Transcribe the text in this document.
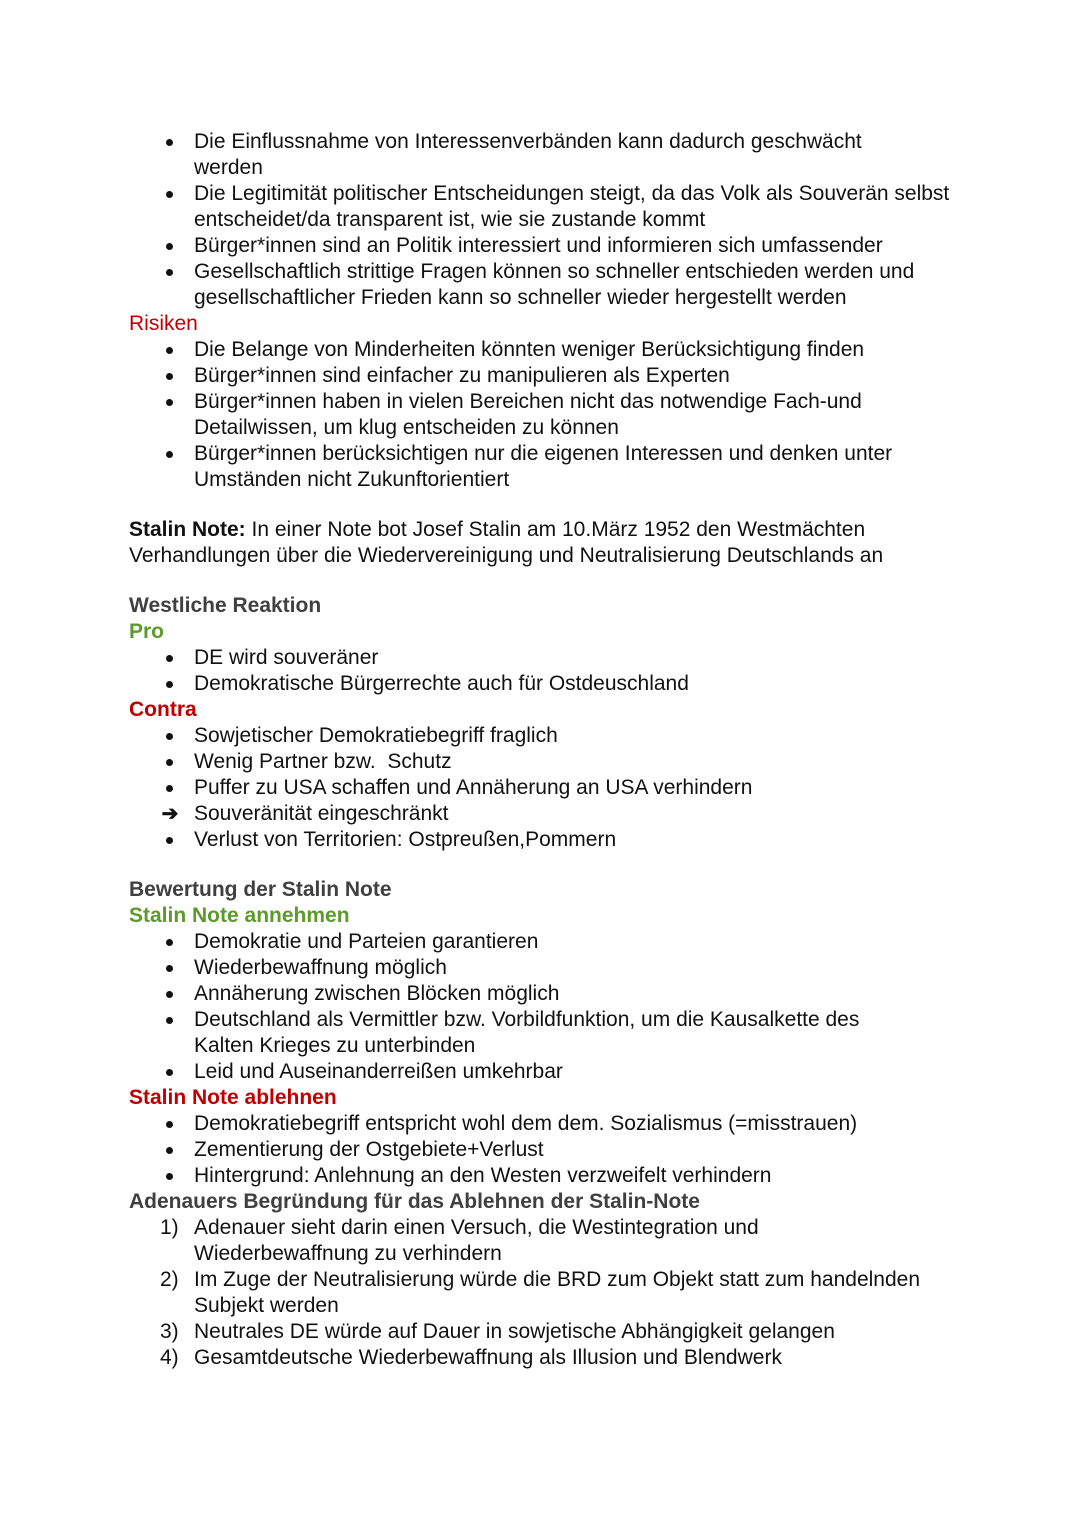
Die Einflussnahme von Interessenverbänden kann dadurch geschwächt werden
Die Legitimität politischer Entscheidungen steigt, da das Volk als Souverän selbst entscheidet/da transparent ist, wie sie zustande kommt
Bürger*innen sind an Politik interessiert und informieren sich umfassender
Gesellschaftlich strittige Fragen können so schneller entschieden werden und gesellschaftlicher Frieden kann so schneller wieder hergestellt werden
Risiken
Die Belange von Minderheiten könnten weniger Berücksichtigung finden
Bürger*innen sind einfacher zu manipulieren als Experten
Bürger*innen haben in vielen Bereichen nicht das notwendige Fach-und Detailwissen, um klug entscheiden zu können
Bürger*innen berücksichtigen nur die eigenen Interessen und denken unter Umständen nicht Zukunftorientiert
Stalin Note: In einer Note bot Josef Stalin am 10.März 1952 den Westmächten Verhandlungen über die Wiedervereinigung und Neutralisierung Deutschlands an
Westliche Reaktion
Pro
DE wird souveräner
Demokratische Bürgerrechte auch für Ostdeuschland
Contra
Sowjetischer Demokratiebegriff fraglich
Wenig Partner bzw.  Schutz
Puffer zu USA schaffen und Annäherung an USA verhindern
➔ Souveränität eingeschränkt
Verlust von Territorien: Ostpreußen,Pommern
Bewertung der Stalin Note
Stalin Note annehmen
Demokratie und Parteien garantieren
Wiederbewaffnung möglich
Annäherung zwischen Blöcken möglich
Deutschland als Vermittler bzw. Vorbildfunktion, um die Kausalkette des Kalten Krieges zu unterbinden
Leid und Auseinanderreißen umkehrbar
Stalin Note ablehnen
Demokratiebegriff entspricht wohl dem dem. Sozialismus (=misstrauen)
Zementierung der Ostgebiete+Verlust
Hintergrund: Anlehnung an den Westen verzweifelt verhindern
Adenauers Begründung für das Ablehnen der Stalin-Note
1) Adenauer sieht darin einen Versuch, die Westintegration und Wiederbewaffnung zu verhindern
2) Im Zuge der Neutralisierung würde die BRD zum Objekt statt zum handelnden Subjekt werden
3) Neutrales DE würde auf Dauer in sowjetische Abhängigkeit gelangen
4) Gesamtdeutsche Wiederbewaffnung als Illusion und Blendwerk
